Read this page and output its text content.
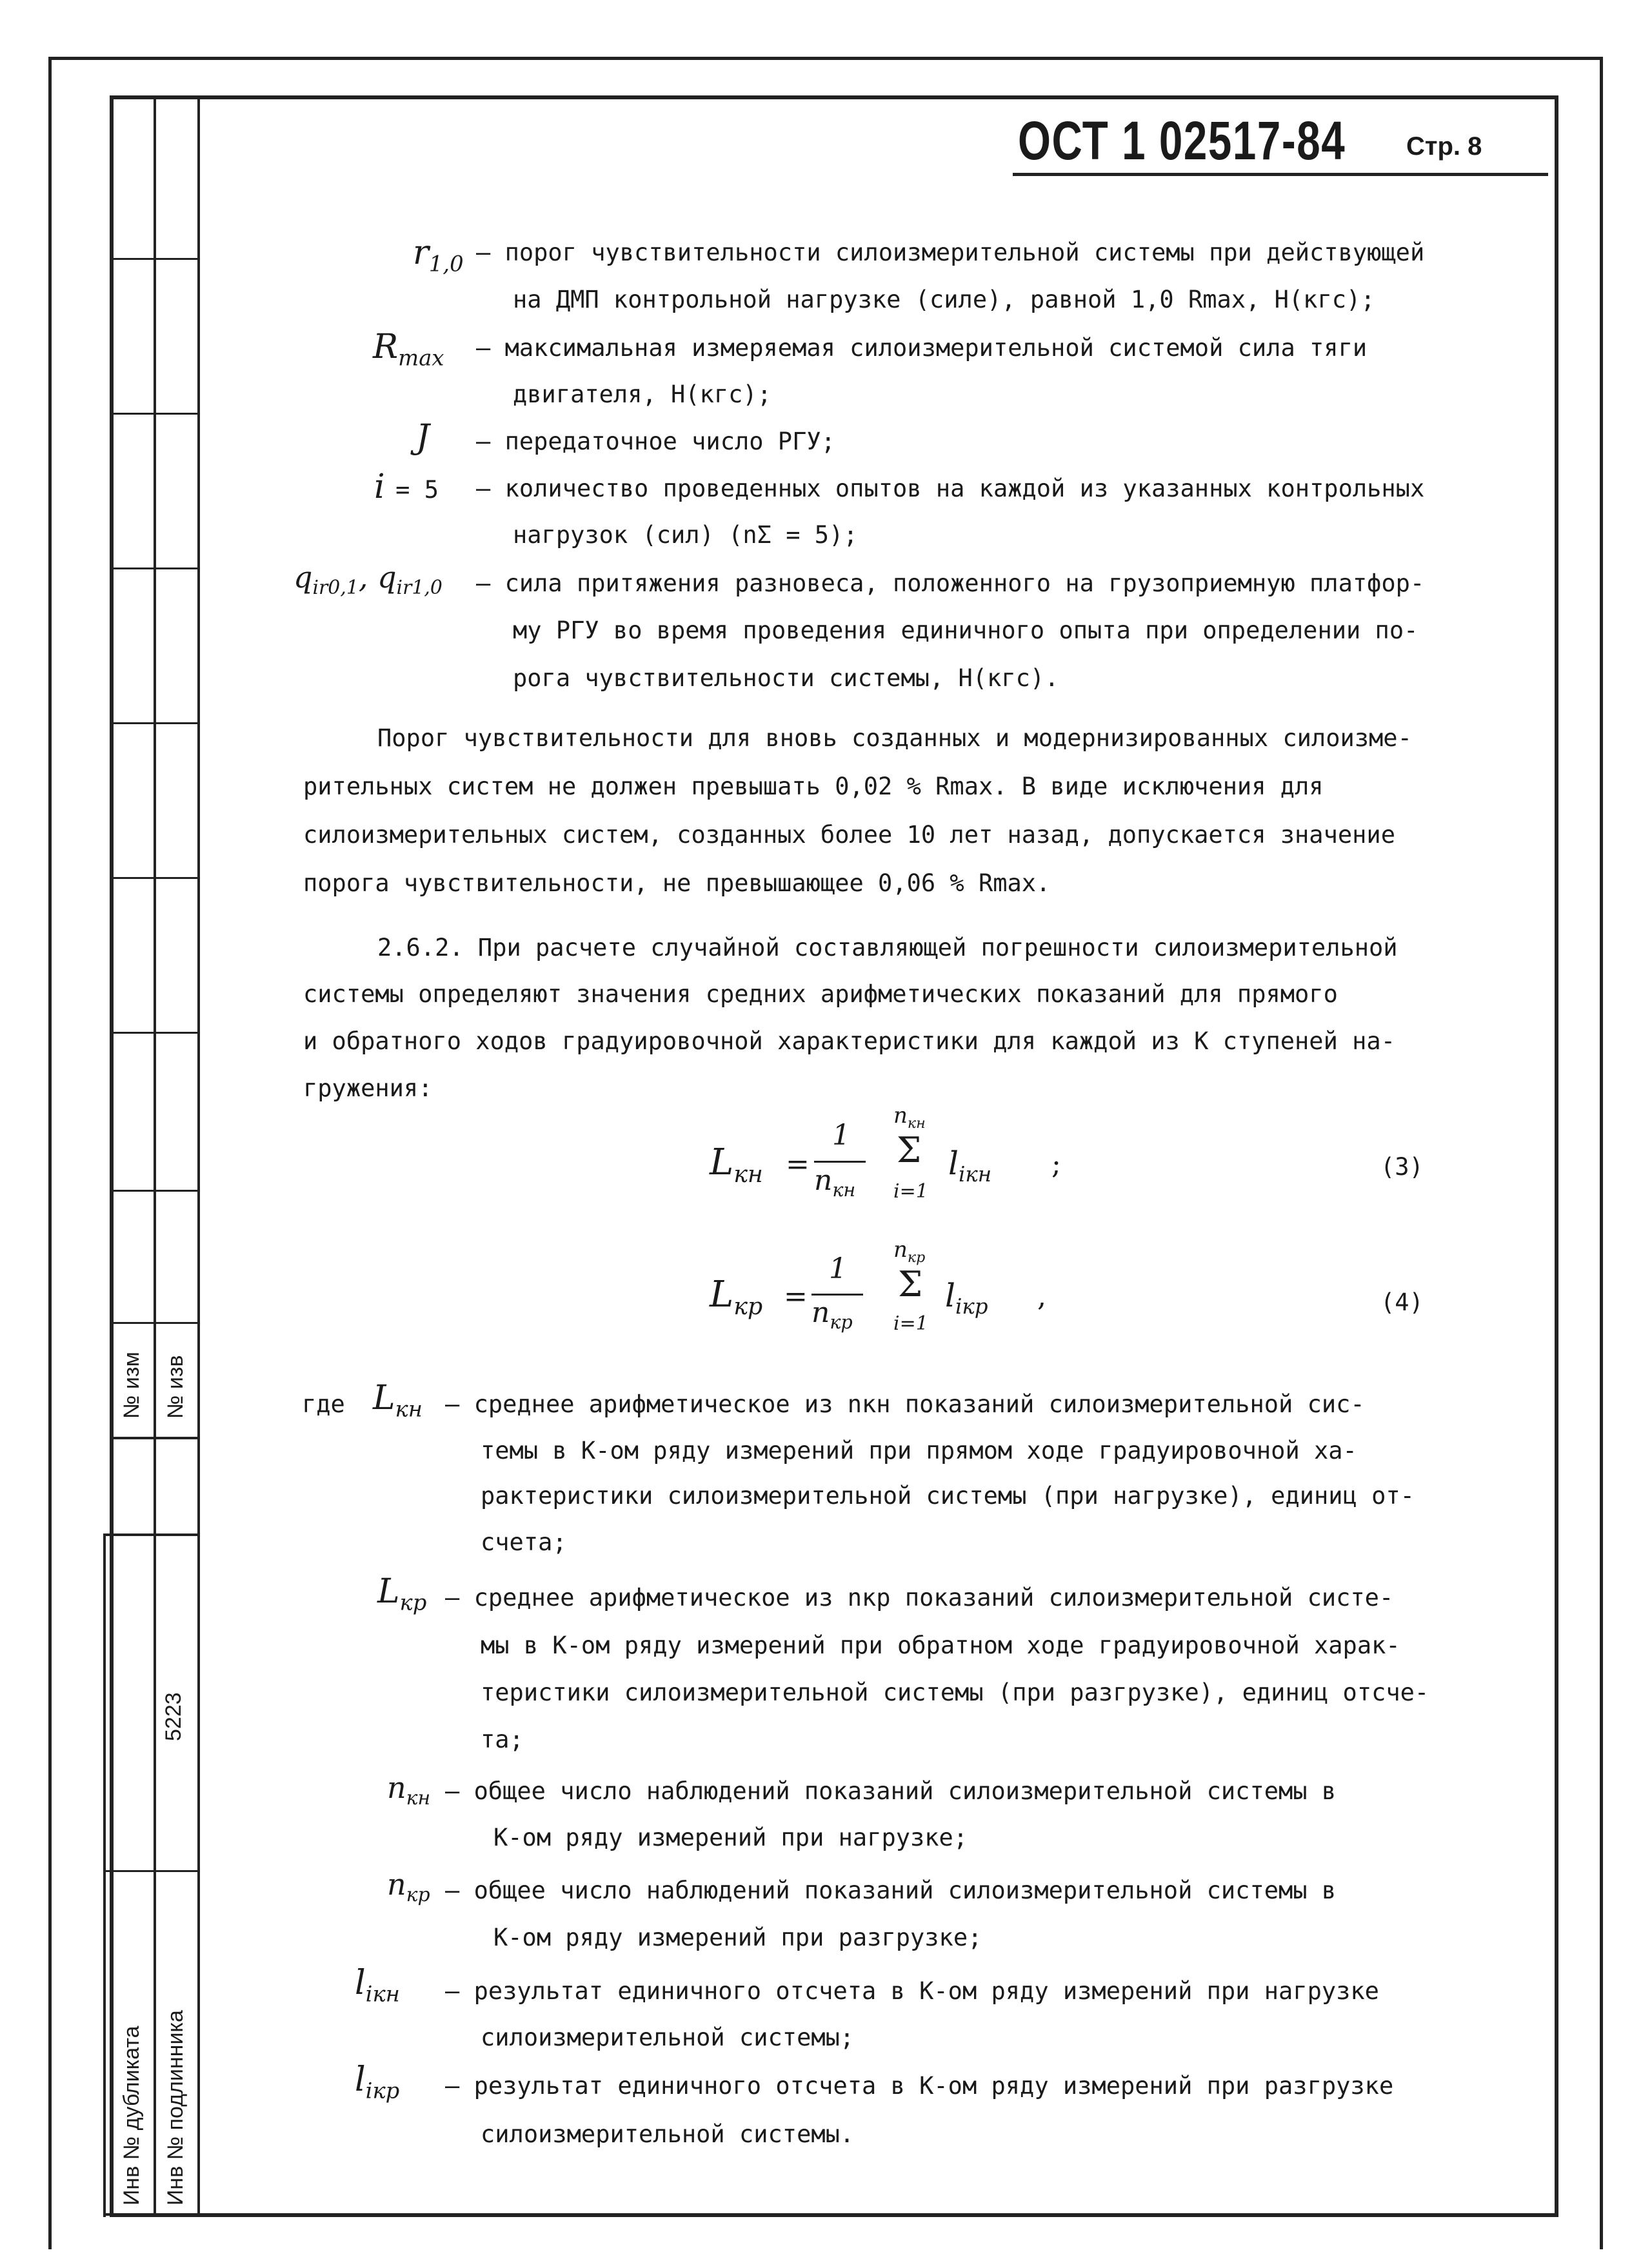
№ изм № изв
5223
Инв № дубликата Инв № подлинника
ОСТ 1 02517-84 Стр. 8
$r_{1,0}$ – порог чувствительности силоизмерительной системы при действующей
на ДМП контрольной нагрузке (силе), равной 1,0 Rmax, Н(кгс);
$R_{max}$ – максимальная измеряемая силоизмерительной системой сила тяги
двигателя, Н(кгс);
J – передаточное число РГУ;
i = 5 – количество проведенных опытов на каждой из указанных контрольных
нагрузок (сил) (nΣ = 5);
$q_{ir0,1}$, $q_{ir1,0}$ – сила притяжения разновеса, положенного на грузоприемную платфор-
му РГУ во время проведения единичного опыта при определении по-
рога чувствительности системы, Н(кгс).
Порог чувствительности для вновь созданных и модернизированных силоизме-
рительных систем не должен превышать 0,02 % Rmax. В виде исключения для
силоизмерительных систем, созданных более 10 лет назад, допускается значение
порога чувствительности, не превышающее 0,06 % Rmax.
2.6.2. При расчете случайной составляющей погрешности силоизмерительной
системы определяют значения средних арифметических показаний для прямого
и обратного ходов градуировочной характеристики для каждой из K ступеней на-
гружения:
$L_{кн}$ =
1
$n_{кн}$
$n_{кн}$
Σ
i=1
$l_{iкн}$ ;	(3)
$L_{кр}$ =
1
$n_{кр}$
$n_{кр}$
Σ
i=1
$l_{iкр}$ ,	(4)
где $L_{кн}$ – среднее арифметическое из nкн показаний силоизмерительной сис-
темы в K-ом ряду измерений при прямом ходе градуировочной ха-
рактеристики силоизмерительной системы (при нагрузке), единиц от-
счета;
$L_{кр}$ – среднее арифметическое из nкр показаний силоизмерительной систе-
мы в K-ом ряду измерений при обратном ходе градуировочной харак-
теристики силоизмерительной системы (при разгрузке), единиц отсче-
та;
$n_{кн}$ – общее число наблюдений показаний силоизмерительной системы в
K-ом ряду измерений при нагрузке;
$n_{кр}$ – общее число наблюдений показаний силоизмерительной системы в
K-ом ряду измерений при разгрузке;
$l_{iкн}$ – результат единичного отсчета в K-ом ряду измерений при нагрузке
силоизмерительной системы;
$l_{iкр}$ – результат единичного отсчета в K-ом ряду измерений при разгрузке
силоизмерительной системы.
